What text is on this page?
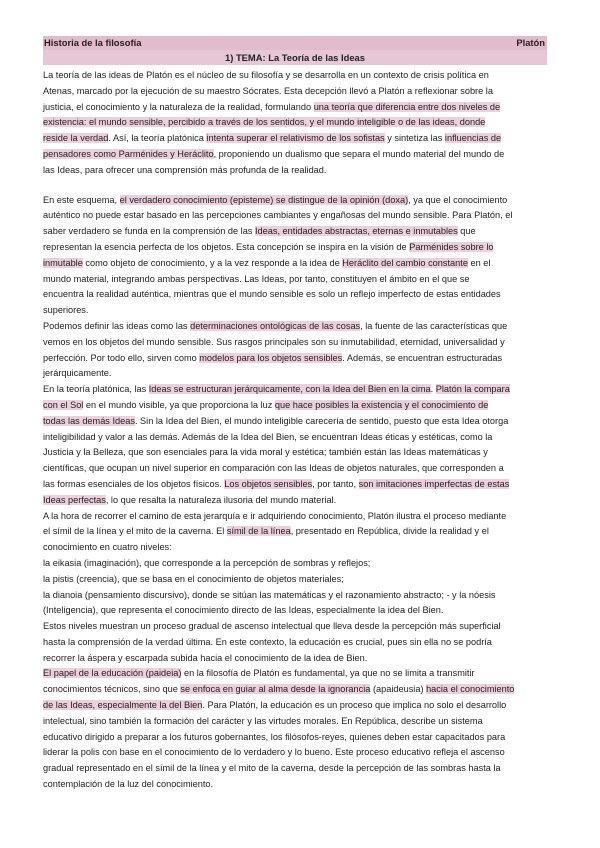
Historia de la filosofía	Platón
1) TEMA: La Teoría de las Ideas
La teoría de las ideas de Platón es el núcleo de su filosofía y se desarrolla en un contexto de crisis política en
Atenas, marcado por la ejecución de su maestro Sócrates. Esta decepción llevó a Platón a reflexionar sobre la
justicia, el conocimiento y la naturaleza de la realidad, formulando una teoría que diferencia entre dos niveles de
existencia: el mundo sensible, percibido a través de los sentidos, y el mundo inteligible o de las ideas, donde
reside la verdad. Así, la teoría platónica intenta superar el relativismo de los sofistas y sintetiza las influencias de
pensadores como Parménides y Heráclito, proponiendo un dualismo que separa el mundo material del mundo de
las Ideas, para ofrecer una comprensión más profunda de la realidad.
En este esquema, el verdadero conocimiento (episteme) se distingue de la opinión (doxa), ya que el conocimiento
auténtico no puede estar basado en las percepciones cambiantes y engañosas del mundo sensible. Para Platón, el
saber verdadero se funda en la comprensión de las Ideas, entidades abstractas, eternas e inmutables que
representan la esencia perfecta de los objetos. Esta concepción se inspira en la visión de Parménides sobre lo
inmutable como objeto de conocimiento, y a la vez responde a la idea de Heráclito del cambio constante en el
mundo material, integrando ambas perspectivas. Las Ideas, por tanto, constituyen el ámbito en el que se
encuentra la realidad auténtica, mientras que el mundo sensible es solo un reflejo imperfecto de estas entidades
superiores.
Podemos definir las ideas como las determinaciones ontológicas de las cosas, la fuente de las características que
vemos en los objetos del mundo sensible. Sus rasgos principales son su inmutabilidad, eternidad, universalidad y
perfección. Por todo ello, sirven como modelos para los objetos sensibles. Además, se encuentran estructuradas
jerárquicamente.
En la teoría platónica, las Ideas se estructuran jerárquicamente, con la Idea del Bien en la cima. Platón la compara
con el Sol en el mundo visible, ya que proporciona la luz que hace posibles la existencia y el conocimiento de
todas las demás Ideas. Sin la Idea del Bien, el mundo inteligible carecería de sentido, puesto que esta Idea otorga
inteligibilidad y valor a las demás. Además de la Idea del Bien, se encuentran Ideas éticas y estéticas, como la
Justicia y la Belleza, que son esenciales para la vida moral y estética; también están las Ideas matemáticas y
científicas, que ocupan un nivel superior en comparación con las Ideas de objetos naturales, que corresponden a
las formas esenciales de los objetos físicos. Los objetos sensibles, por tanto, son imitaciones imperfectas de estas
Ideas perfectas, lo que resalta la naturaleza ilusoria del mundo material.
A la hora de recorrer el camino de esta jerarquía e ir adquiriendo conocimiento, Platón ilustra el proceso mediante
el símil de la línea y el mito de la caverna. El símil de la línea, presentado en República, divide la realidad y el
conocimiento en cuatro niveles:
la eikasia (imaginación), que corresponde a la percepción de sombras y reflejos;
la pistis (creencia), que se basa en el conocimiento de objetos materiales;
la dianoia (pensamiento discursivo), donde se sitúan las matemáticas y el razonamiento abstracto; - y la nóesis
(Inteligencia), que representa el conocimiento directo de las Ideas, especialmente la idea del Bien.
Estos niveles muestran un proceso gradual de ascenso intelectual que lleva desde la percepción más superficial
hasta la comprensión de la verdad última. En este contexto, la educación es crucial, pues sin ella no se podría
recorrer la áspera y escarpada subida hacia el conocimiento de la idea de Bien.
El papel de la educación (paideia) en la filosofía de Platón es fundamental, ya que no se limita a transmitir
conocimientos técnicos, sino que se enfoca en guiar al alma desde la ignorancia (apaideusia) hacia el conocimiento
de las Ideas, especialmente la del Bien. Para Platón, la educación es un proceso que implica no solo el desarrollo
intelectual, sino también la formación del carácter y las virtudes morales. En República, describe un sistema
educativo dirigido a preparar a los futuros gobernantes, los filósofos-reyes, quienes deben estar capacitados para
liderar la polis con base en el conocimiento de lo verdadero y lo bueno. Este proceso educativo refleja el ascenso
gradual representado en el símil de la línea y el mito de la caverna, desde la percepción de las sombras hasta la
contemplación de la luz del conocimiento.
